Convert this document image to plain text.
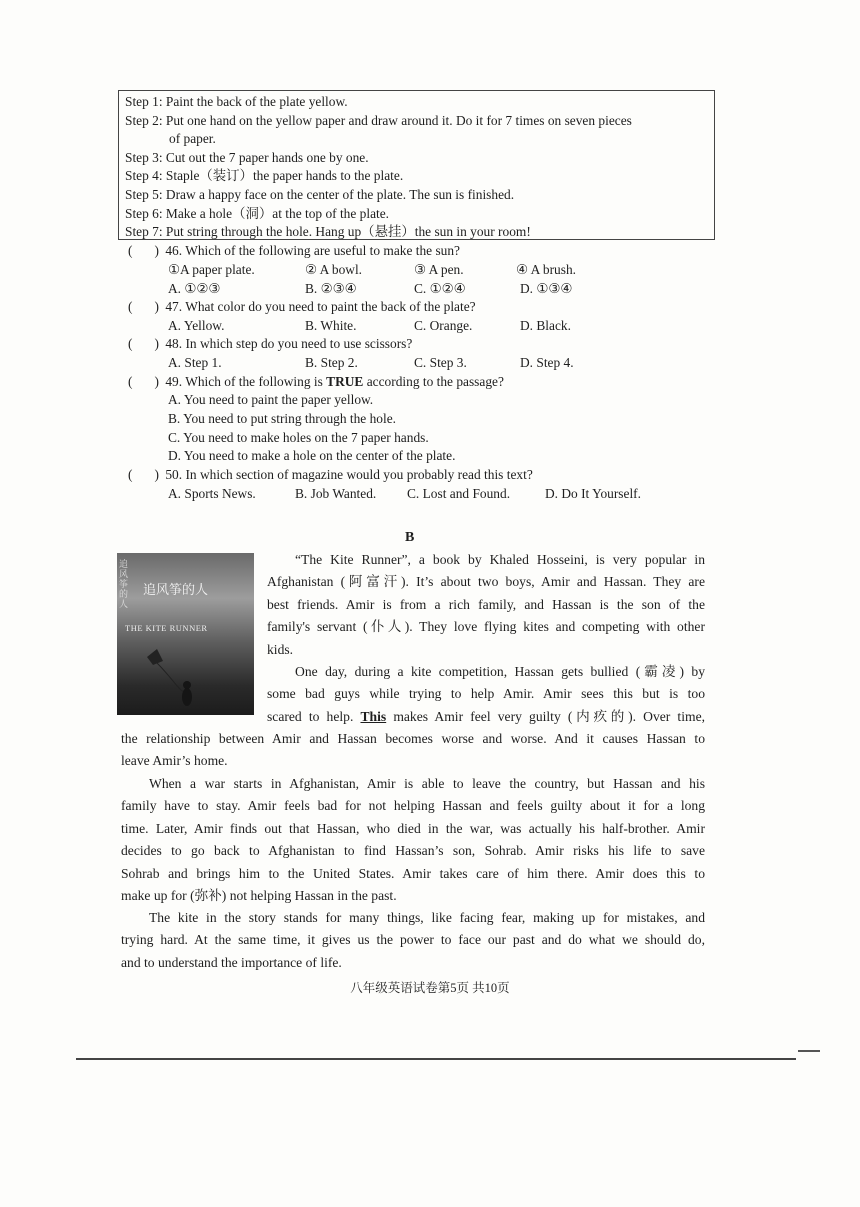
Step 1: Paint the back of the plate yellow.
Step 2: Put one hand on the yellow paper and draw around it. Do it for 7 times on seven pieces
of paper.
Step 3: Cut out the 7 paper hands one by one.
Step 4: Staple（装订）the paper hands to the plate.
Step 5: Draw a happy face on the center of the plate. The sun is finished.
Step 6: Make a hole（洞）at the top of the plate.
Step 7: Put string through the hole. Hang up（悬挂）the sun in your room!
( ) 46. Which of the following are useful to make the sun?
①A paper plate.	② A bowl.	③ A pen.	④ A brush.
A. ①②③	B. ②③④	C. ①②④	D. ①③④
( ) 47. What color do you need to paint the back of the plate?
A. Yellow.	B. White.	C. Orange.	D. Black.
( ) 48. In which step do you need to use scissors?
A. Step 1.	B. Step 2.	C. Step 3.	D. Step 4.
( ) 49. Which of the following is TRUE according to the passage?
A. You need to paint the paper yellow.
B. You need to put string through the hole.
C. You need to make holes on the 7 paper hands.
D. You need to make a hole on the center of the plate.
( ) 50. In which section of magazine would you probably read this text?
A. Sports News.	B. Job Wanted. C. Lost and Found.	D. Do It Yourself.
B
追
风
筝
的
人
追风筝的人
THE KITE RUNNER
“The Kite Runner”, a book by Khaled Hosseini, is very popular in
Afghanistan (阿富汗). It’s about two boys, Amir and Hassan. They are
best friends. Amir is from a rich family, and Hassan is the son of the
family's servant (仆人). They love flying kites and competing with other
kids.
One day, during a kite competition, Hassan gets bullied (霸凌) by
some bad guys while trying to help Amir. Amir sees this but is too
scared to help. This makes Amir feel very guilty (内疚的). Over time,
the relationship between Amir and Hassan becomes worse and worse. And it causes Hassan to
leave Amir’s home.
When a war starts in Afghanistan, Amir is able to leave the country, but Hassan and his
family have to stay. Amir feels bad for not helping Hassan and feels guilty about it for a long
time. Later, Amir finds out that Hassan, who died in the war, was actually his half-brother. Amir
decides to go back to Afghanistan to find Hassan’s son, Sohrab. Amir risks his life to save
Sohrab and brings him to the United States. Amir takes care of him there. Amir does this to
make up for (弥补) not helping Hassan in the past.
The kite in the story stands for many things, like facing fear, making up for mistakes, and
trying hard. At the same time, it gives us the power to face our past and do what we should do,
and to understand the importance of life.
八年级英语试卷第5页 共10页
